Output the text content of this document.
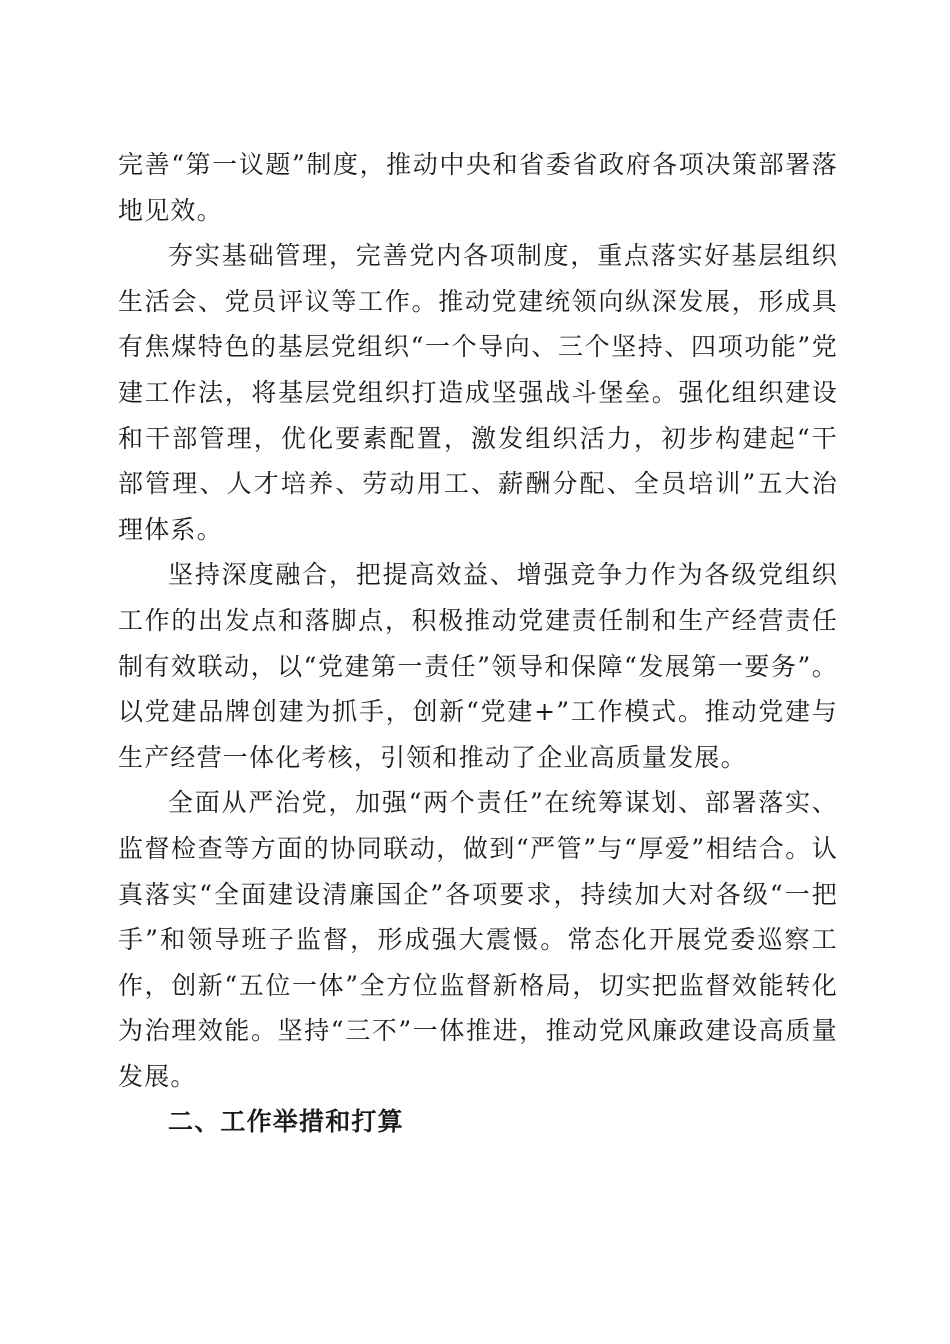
完善“第一议题”制度，推动中央和省委省政府各项决策部署落地见效。

夯实基础管理，完善党内各项制度，重点落实好基层组织生活会、党员评议等工作。推动党建统领向纵深发展，形成具有焦煤特色的基层党组织“一个导向、三个坚持、四项功能”党建工作法，将基层党组织打造成坚强战斗堡垒。强化组织建设和干部管理，优化要素配置，激发组织活力，初步构建起“干部管理、人才培养、劳动用工、薪酬分配、全员培训”五大治理体系。

坚持深度融合，把提高效益、增强竞争力作为各级党组织工作的出发点和落脚点，积极推动党建责任制和生产经营责任制有效联动，以“党建第一责任”领导和保障“发展第一要务”。以党建品牌创建为抓手，创新“党建+”工作模式。推动党建与生产经营一体化考核，引领和推动了企业高质量发展。

全面从严治党，加强“两个责任”在统筹谋划、部署落实、监督检查等方面的协同联动，做到“严管”与“厚爱”相结合。认真落实“全面建设清廉国企”各项要求，持续加大对各级“一把手”和领导班子监督，形成强大震慑。常态化开展党委巡察工作，创新“五位一体”全方位监督新格局，切实把监督效能转化为治理效能。坚持“三不”一体推进，推动党风廉政建设高质量发展。

二、工作举措和打算
